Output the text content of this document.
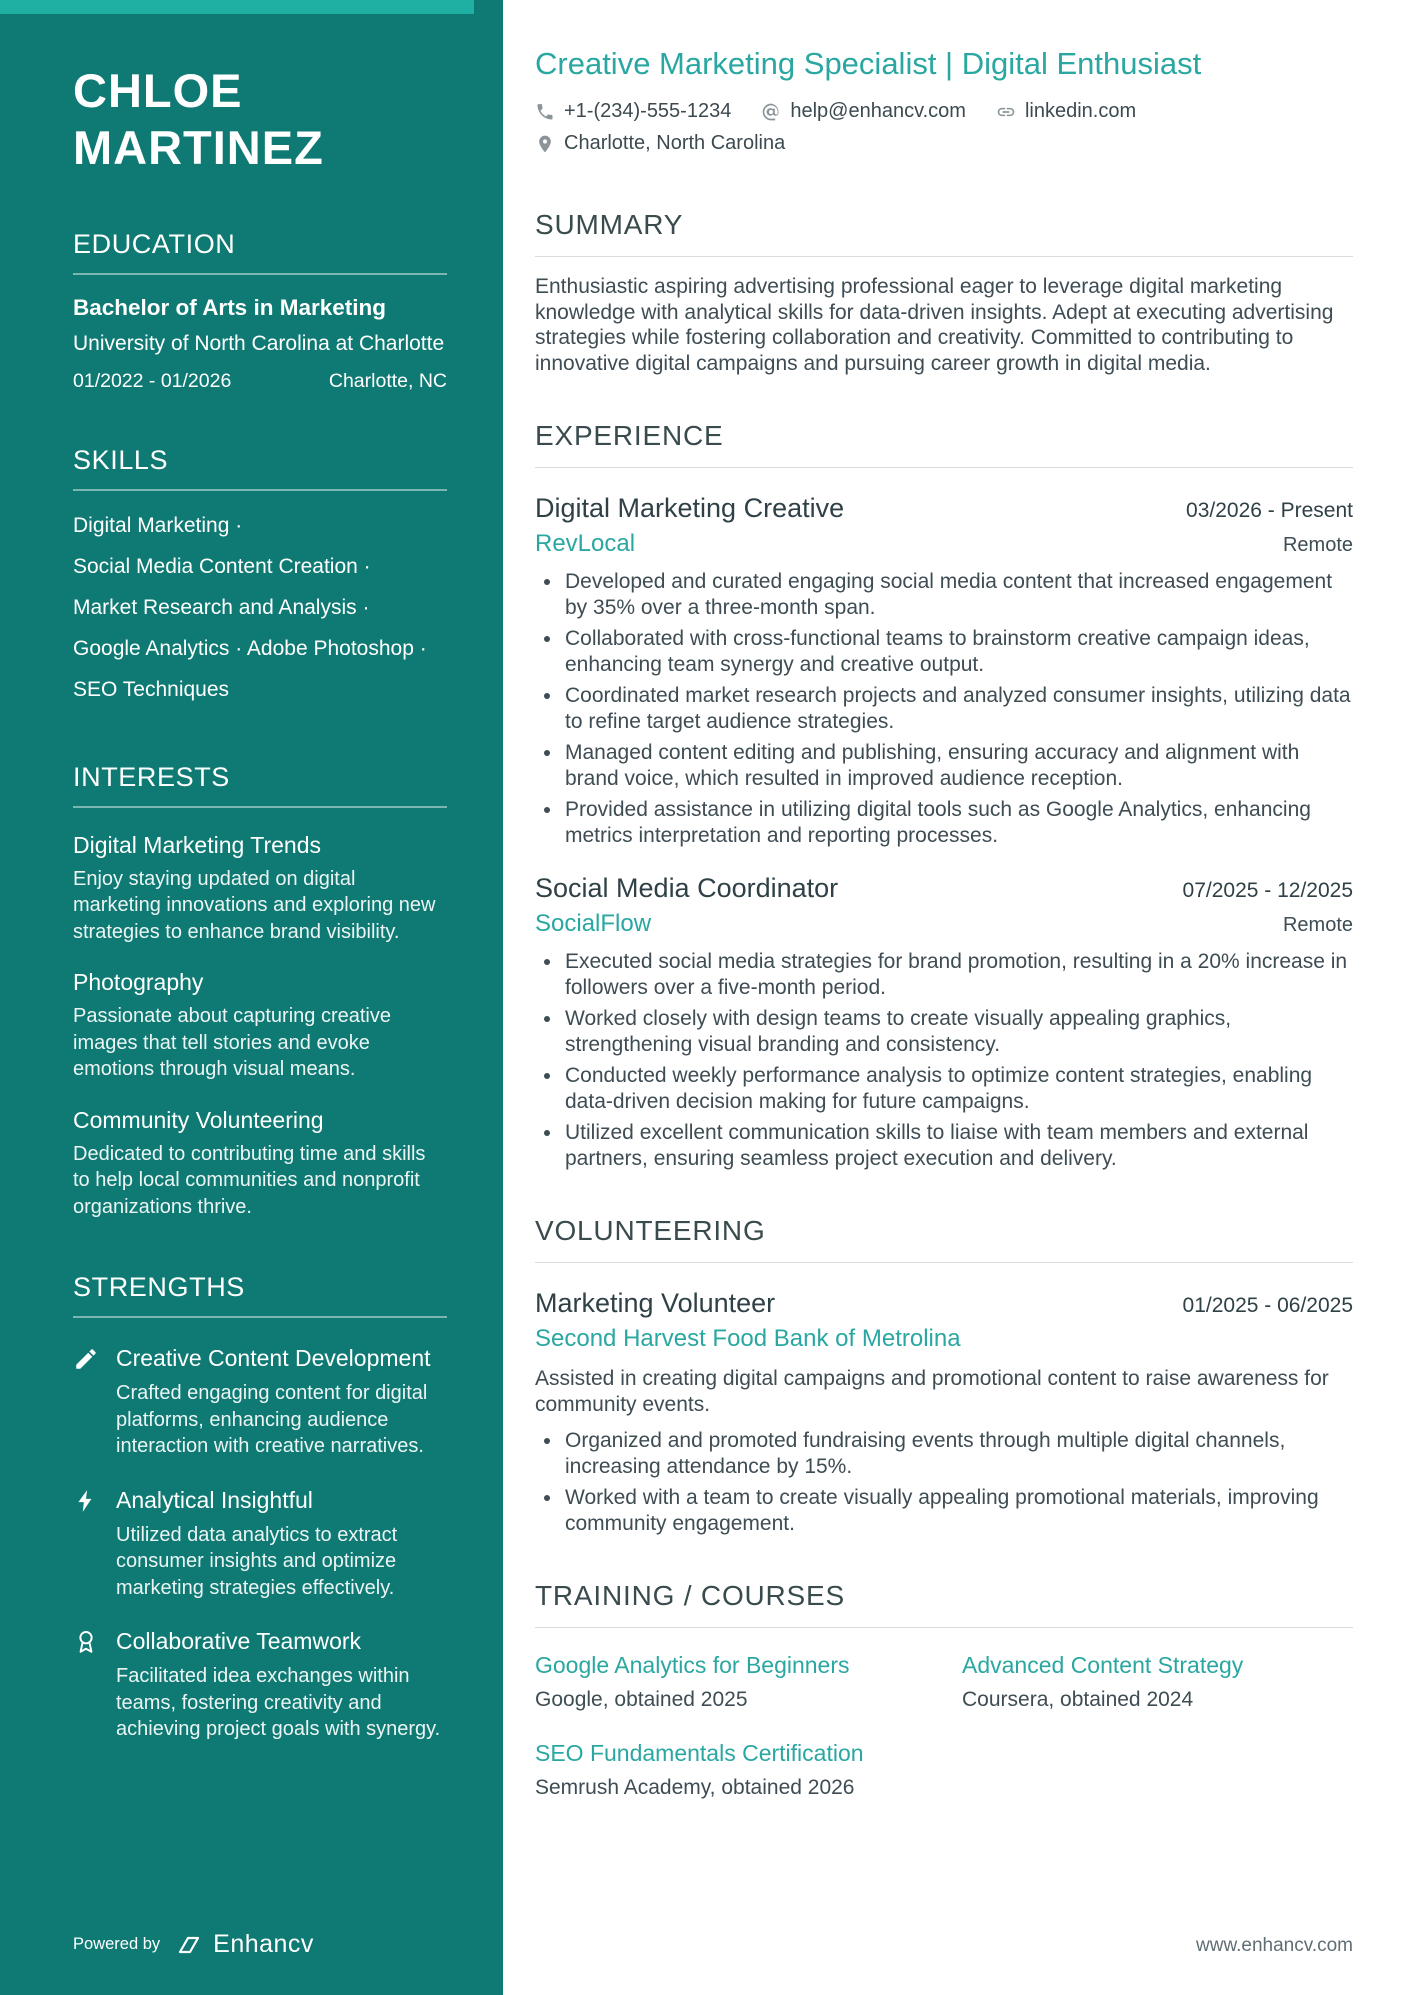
CHLOE MARTINEZ
EDUCATION
Bachelor of Arts in Marketing
University of North Carolina at Charlotte
01/2022 - 01/2026	Charlotte, NC
SKILLS
Digital Marketing ·
Social Media Content Creation ·
Market Research and Analysis ·
Google Analytics · Adobe Photoshop ·
SEO Techniques
INTERESTS
Digital Marketing Trends
Enjoy staying updated on digital marketing innovations and exploring new strategies to enhance brand visibility.
Photography
Passionate about capturing creative images that tell stories and evoke emotions through visual means.
Community Volunteering
Dedicated to contributing time and skills to help local communities and nonprofit organizations thrive.
STRENGTHS
Creative Content Development
Crafted engaging content for digital platforms, enhancing audience interaction with creative narratives.
Analytical Insightful
Utilized data analytics to extract consumer insights and optimize marketing strategies effectively.
Collaborative Teamwork
Facilitated idea exchanges within teams, fostering creativity and achieving project goals with synergy.
Powered by Enhancv
Creative Marketing Specialist | Digital Enthusiast
+1-(234)-555-1234	help@enhancv.com	linkedin.com
Charlotte, North Carolina
SUMMARY

Enthusiastic aspiring advertising professional eager to leverage digital marketing knowledge with analytical skills for data-driven insights. Adept at executing advertising strategies while fostering collaboration and creativity. Committed to contributing to innovative digital campaigns and pursuing career growth in digital media.

EXPERIENCE
Digital Marketing Creative	03/2026 - Present
RevLocal	Remote
• Developed and curated engaging social media content that increased engagement by 35% over a three-month span.
• Collaborated with cross-functional teams to brainstorm creative campaign ideas, enhancing team synergy and creative output.
• Coordinated market research projects and analyzed consumer insights, utilizing data to refine target audience strategies.
• Managed content editing and publishing, ensuring accuracy and alignment with brand voice, which resulted in improved audience reception.
• Provided assistance in utilizing digital tools such as Google Analytics, enhancing metrics interpretation and reporting processes.
Social Media Coordinator	07/2025 - 12/2025
SocialFlow	Remote
• Executed social media strategies for brand promotion, resulting in a 20% increase in followers over a five-month period.
• Worked closely with design teams to create visually appealing graphics, strengthening visual branding and consistency.
• Conducted weekly performance analysis to optimize content strategies, enabling data-driven decision making for future campaigns.
• Utilized excellent communication skills to liaise with team members and external partners, ensuring seamless project execution and delivery.
VOLUNTEERING
Marketing Volunteer	01/2025 - 06/2025
Second Harvest Food Bank of Metrolina

Assisted in creating digital campaigns and promotional content to raise awareness for community events.

• Organized and promoted fundraising events through multiple digital channels, increasing attendance by 15%.
• Worked with a team to create visually appealing promotional materials, improving community engagement.
TRAINING / COURSES
Google Analytics for Beginners
Google, obtained 2025
Advanced Content Strategy
Coursera, obtained 2024
SEO Fundamentals Certification
Semrush Academy, obtained 2026
www.enhancv.com
